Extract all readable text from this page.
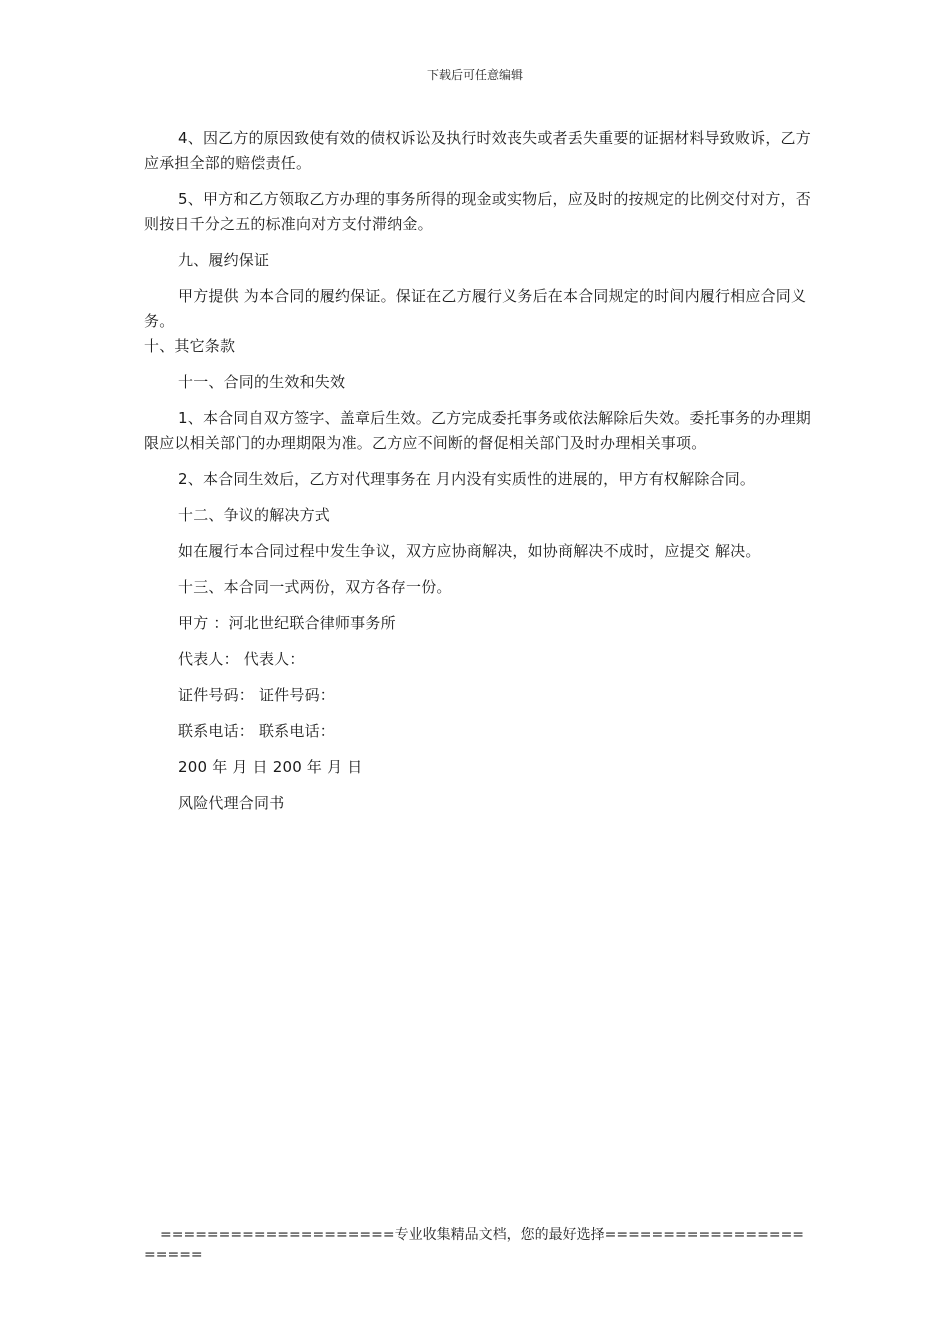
下载后可任意编辑

4、因乙方的原因致使有效的债权诉讼及执行时效丧失或者丢失重要的证据材料导致败诉，乙方应承担全部的赔偿责任。

5、甲方和乙方领取乙方办理的事务所得的现金或实物后，应及时的按规定的比例交付对方，否则按日千分之五的标准向对方支付滞纳金。

九、履约保证

甲方提供 为本合同的履约保证。保证在乙方履行义务后在本合同规定的时间内履行相应合同义务。

十、其它条款

十一、合同的生效和失效

1、本合同自双方签字、盖章后生效。乙方完成委托事务或依法解除后失效。委托事务的办理期限应以相关部门的办理期限为准。乙方应不间断的督促相关部门及时办理相关事项。

2、本合同生效后，乙方对代理事务在 月内没有实质性的进展的，甲方有权解除合同。

十二、争议的解决方式

如在履行本合同过程中发生争议，双方应协商解决，如协商解决不成时，应提交 解决。

十三、本合同一式两份，双方各存一份。

甲方 ：河北世纪联合律师事务所

代表人： 代表人：

证件号码： 证件号码：

联系电话： 联系电话：

200 年 月 日 200 年 月 日

风险代理合同书

====================专业收集精品文档，您的最好选择======================
